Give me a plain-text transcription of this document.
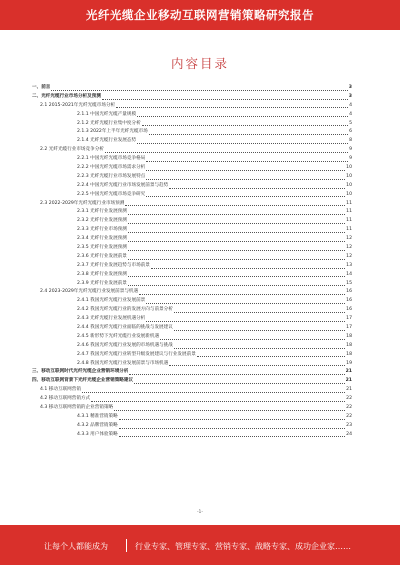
光纤光缆企业移动互联网营销策略研究报告
内容目录
一、前言	3
二、光纤光缆行业市场分析及预测	3
2.1 2015-2021年光纤光缆市场分析	4
2.1.1 中国光纤光缆产量规模	4
2.1.2 光纤光缆行业集中度分析	5
2.1.3 2022年上半年光纤光缆市场	6
2.1.4 光纤光缆行业发展态势	8
2.2 光纤光缆行业市场竞争分析	9
2.2.1 中国光纤光缆市场竞争格局	9
2.2.2 中国光纤光缆市场需求分析	10
2.2.3 光纤光缆行业市场发展特点	10
2.2.4 中国光纤光缆行业市场发展前景与趋势	10
2.2.5 中国光纤光缆市场竞争研究	10
2.3 2022-2029年光纤光缆行业市场预测	11
2.3.1 光纤行业发展预测	11
2.3.2 光纤行业发展预测	11
2.3.3 光纤行业市场预测	11
2.3.4 光纤行业发展预测	12
2.3.5 光纤行业发展预测	12
2.3.6 光纤行业发展前景	12
2.3.7 光纤行业发展趋势与市场前景	13
2.3.8 光纤行业发展预测	14
2.3.9 光纤行业发展前景	15
2.4 2023-2029年光纤光缆行业发展前景与机遇	16
2.4.1 我国光纤光缆行业发展前景	16
2.4.2 我国光纤光缆行业的发展方向与前景分析	16
2.4.3 光纤光缆行业发展机遇分析	17
2.4.4 我国光纤光缆行业面临的挑战与发展建议	17
2.4.5 新形势下光纤光缆行业发展新机遇	18
2.4.6 我国光纤光缆行业发展的市场机遇与挑战	18
2.4.7 我国光纤光缆行业转型升级发展建议与行业发展前景	18
2.4.8 我国光纤光缆行业发展前景与市场机遇	19
三、移动互联网时代光纤光缆企业营销环境分析	21
四、移动互联网背景下光纤光缆企业营销策略建议	21
4.1 移动互联网营销	21
4.2 移动互联网营销方式	22
4.3 移动互联网营销的企业营销策略	22
4.3.1 精准营销策略	22
4.3.2 品牌营销策略	23
4.3.3 用户体验策略	24
-1-
让每个人都能成为	行业专家、管理专家、营销专家、战略专家、成功企业家……
